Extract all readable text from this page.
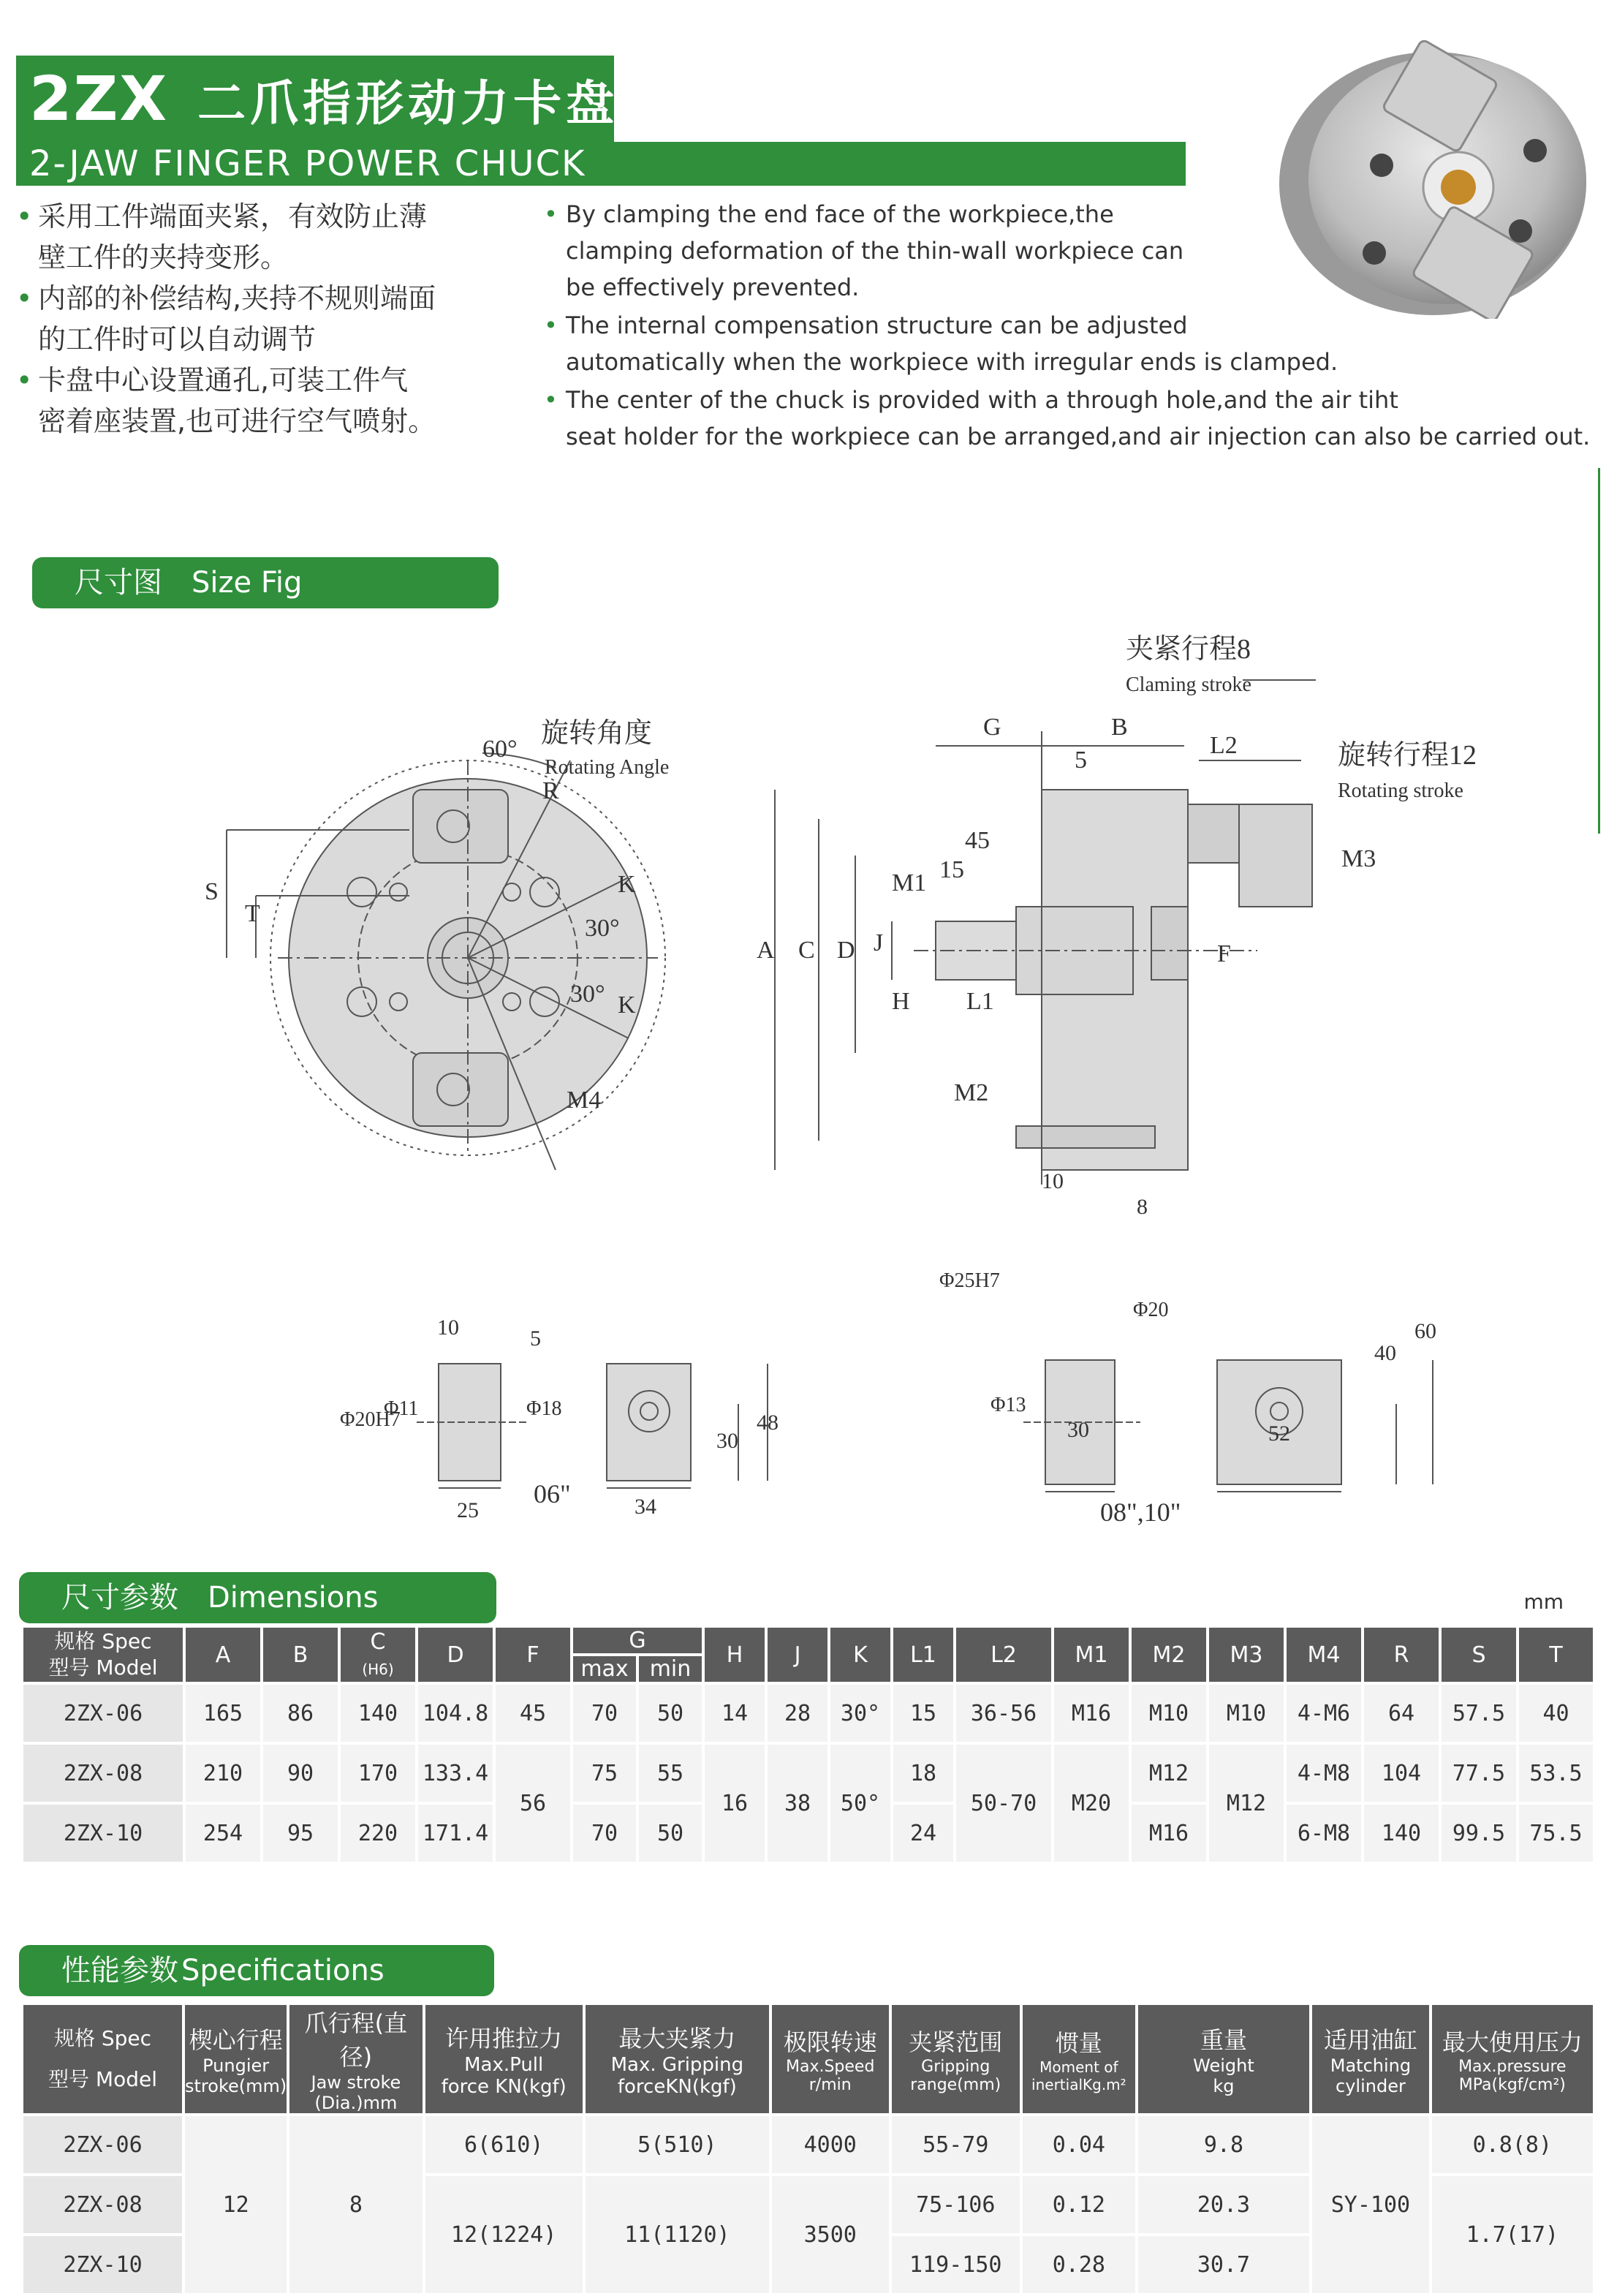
2ZX 二爪指形动力卡盘
2-JAW FINGER POWER CHUCK
• 采用工件端面夹紧，有效防止薄
壁工件的夹持变形。
• 内部的补偿结构,夹持不规则端面
的工件时可以自动调节
• 卡盘中心设置通孔,可装工件气
密着座装置,也可进行空气喷射。
• By clamping the end face of the workpiece,the
clamping deformation of the thin-wall workpiece can
be effectively prevented.
• The internal compensation structure can be adjusted
automatically when the workpiece with irregular ends is clamped.
• The center of the chuck is provided with a through hole,and the air tiht
seat holder for the workpiece can be arranged,and air injection can also be carried out.
尺寸图 Size Fig
旋转角度
Rotating Angle
60°
R
30°
30°
K
K
S
T
M4
夹紧行程8
Claming stroke
旋转行程12
Rotating stroke
G	B
5
L2
M3
45
15
M1
A C D J
H L1
F
M2
10	5
Φ20H7
Φ11	Φ18
25	34
30
48
06"
10
8
Φ25H7
Φ13
Φ20
30	52
40
60
08",10"
尺寸参数 Dimensions	mm
规格 Spec
型号 Model	A	B	C
(H6)	D	F	G		H	J	K	L1	L2	M1	M2	M3	M4	R	S	T
						max	min												
2ZX-06	165	86	140	104.8	45	70	50	14	28	30°	15	36-56	M16	M10	M10	4-M6	64	57.5	40
2ZX-08	210	90	170	133.4	56	75	55	16	38	50°	18	50-70	M20	M12	M12	4-M8	104	77.5	53.5
2ZX-10	254	95	220	171.4		70	50				24			M16		6-M8	140	99.5	75.5
性能参数 Specifications
规格 Spec
型号 Model	楔心行程
Pungier
stroke(mm)	爪行程(直径)
Jaw stroke
(Dia.)mm	许用推拉力
Max.Pull
force KN(kgf)	最大夹紧力
Max. Gripping
forceKN(kgf)	极限转速
Max.Speed
r/min	夹紧范围
Gripping
range(mm)	惯量
Moment of
inertialKg.m²	重量
Weight
kg	适用油缸
Matching
cylinder	最大使用压力
Max.pressure MPa(kgf/cm²)
2ZX-06	12	8	6(610)	5(510)	4000	55-79	0.04	9.8	SY-100	0.8(8)
2ZX-08			12(1224)	11(1120)	3500	75-106	0.12	20.3		1.7(17)
2ZX-10						119-150	0.28	30.7		
